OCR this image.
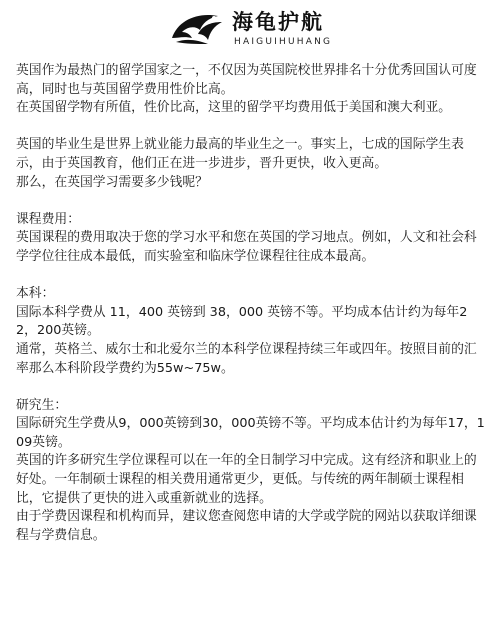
海龟护航
HAIGUIHUHANG

英国作为最热门的留学国家之一，不仅因为英国院校世界排名十分优秀回国认可度高，同时也与英国留学费用性价比高。

在英国留学物有所值，性价比高，这里的留学平均费用低于美国和澳大利亚。

英国的毕业生是世界上就业能力最高的毕业生之一。事实上，七成的国际学生表示，由于英国教育，他们正在进一步进步，晋升更快，收入更高。

那么，在英国学习需要多少钱呢？

课程费用：

英国课程的费用取决于您的学习水平和您在英国的学习地点。例如，人文和社会科学学位往往成本最低，而实验室和临床学位课程往往成本最高。

本科：

国际本科学费从 11，400 英镑到 38，000 英镑不等。平均成本估计约为每年22，200英镑。

通常，英格兰、威尔士和北爱尔兰的本科学位课程持续三年或四年。按照目前的汇率那么本科阶段学费约为55w~75w。

研究生：

国际研究生学费从9，000英镑到30，000英镑不等。平均成本估计约为每年17，109英镑。

英国的许多研究生学位课程可以在一年的全日制学习中完成。这有经济和职业上的好处。一年制硕士课程的相关费用通常更少，更低。与传统的两年制硕士课程相比，它提供了更快的进入或重新就业的选择。

由于学费因课程和机构而异，建议您查阅您申请的大学或学院的网站以获取详细课程与学费信息。
